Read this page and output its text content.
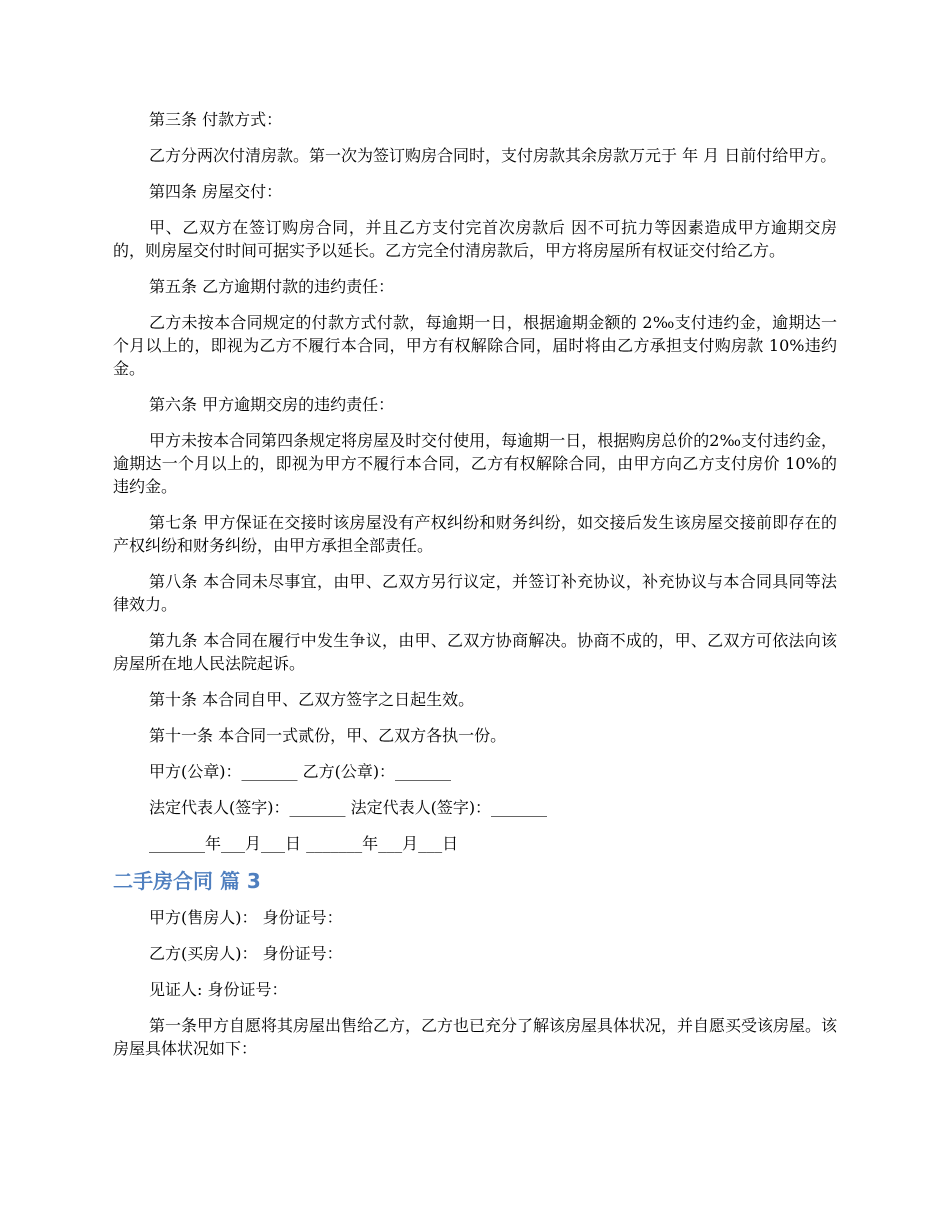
第三条 付款方式：

乙方分两次付清房款。第一次为签订购房合同时，支付房款其余房款万元于 年 月 日前付给甲方。

第四条 房屋交付：

甲、乙双方在签订购房合同，并且乙方支付完首次房款后 因不可抗力等因素造成甲方逾期交房的，则房屋交付时间可据实予以延长。乙方完全付清房款后，甲方将房屋所有权证交付给乙方。

第五条 乙方逾期付款的违约责任：

乙方未按本合同规定的付款方式付款，每逾期一日，根据逾期金额的 2‰支付违约金，逾期达一个月以上的，即视为乙方不履行本合同，甲方有权解除合同，届时将由乙方承担支付购房款 10%违约金。

第六条 甲方逾期交房的违约责任：

甲方未按本合同第四条规定将房屋及时交付使用，每逾期一日，根据购房总价的2‰支付违约金，逾期达一个月以上的，即视为甲方不履行本合同，乙方有权解除合同，由甲方向乙方支付房价 10%的违约金。

第七条 甲方保证在交接时该房屋没有产权纠纷和财务纠纷，如交接后发生该房屋交接前即存在的产权纠纷和财务纠纷，由甲方承担全部责任。

第八条 本合同未尽事宜，由甲、乙双方另行议定，并签订补充协议，补充协议与本合同具同等法律效力。

第九条 本合同在履行中发生争议，由甲、乙双方协商解决。协商不成的，甲、乙双方可依法向该房屋所在地人民法院起诉。

第十条 本合同自甲、乙双方签字之日起生效。

第十一条 本合同一式贰份，甲、乙双方各执一份。

甲方(公章)：_______ 乙方(公章)：_______

法定代表人(签字)：_______ 法定代表人(签字)：_______

_______年___月___日 _______年___月___日

二手房合同 篇 3

甲方(售房人)： 身份证号：

乙方(买房人)： 身份证号：

见证人: 身份证号：

第一条甲方自愿将其房屋出售给乙方，乙方也已充分了解该房屋具体状况，并自愿买受该房屋。该房屋具体状况如下：
